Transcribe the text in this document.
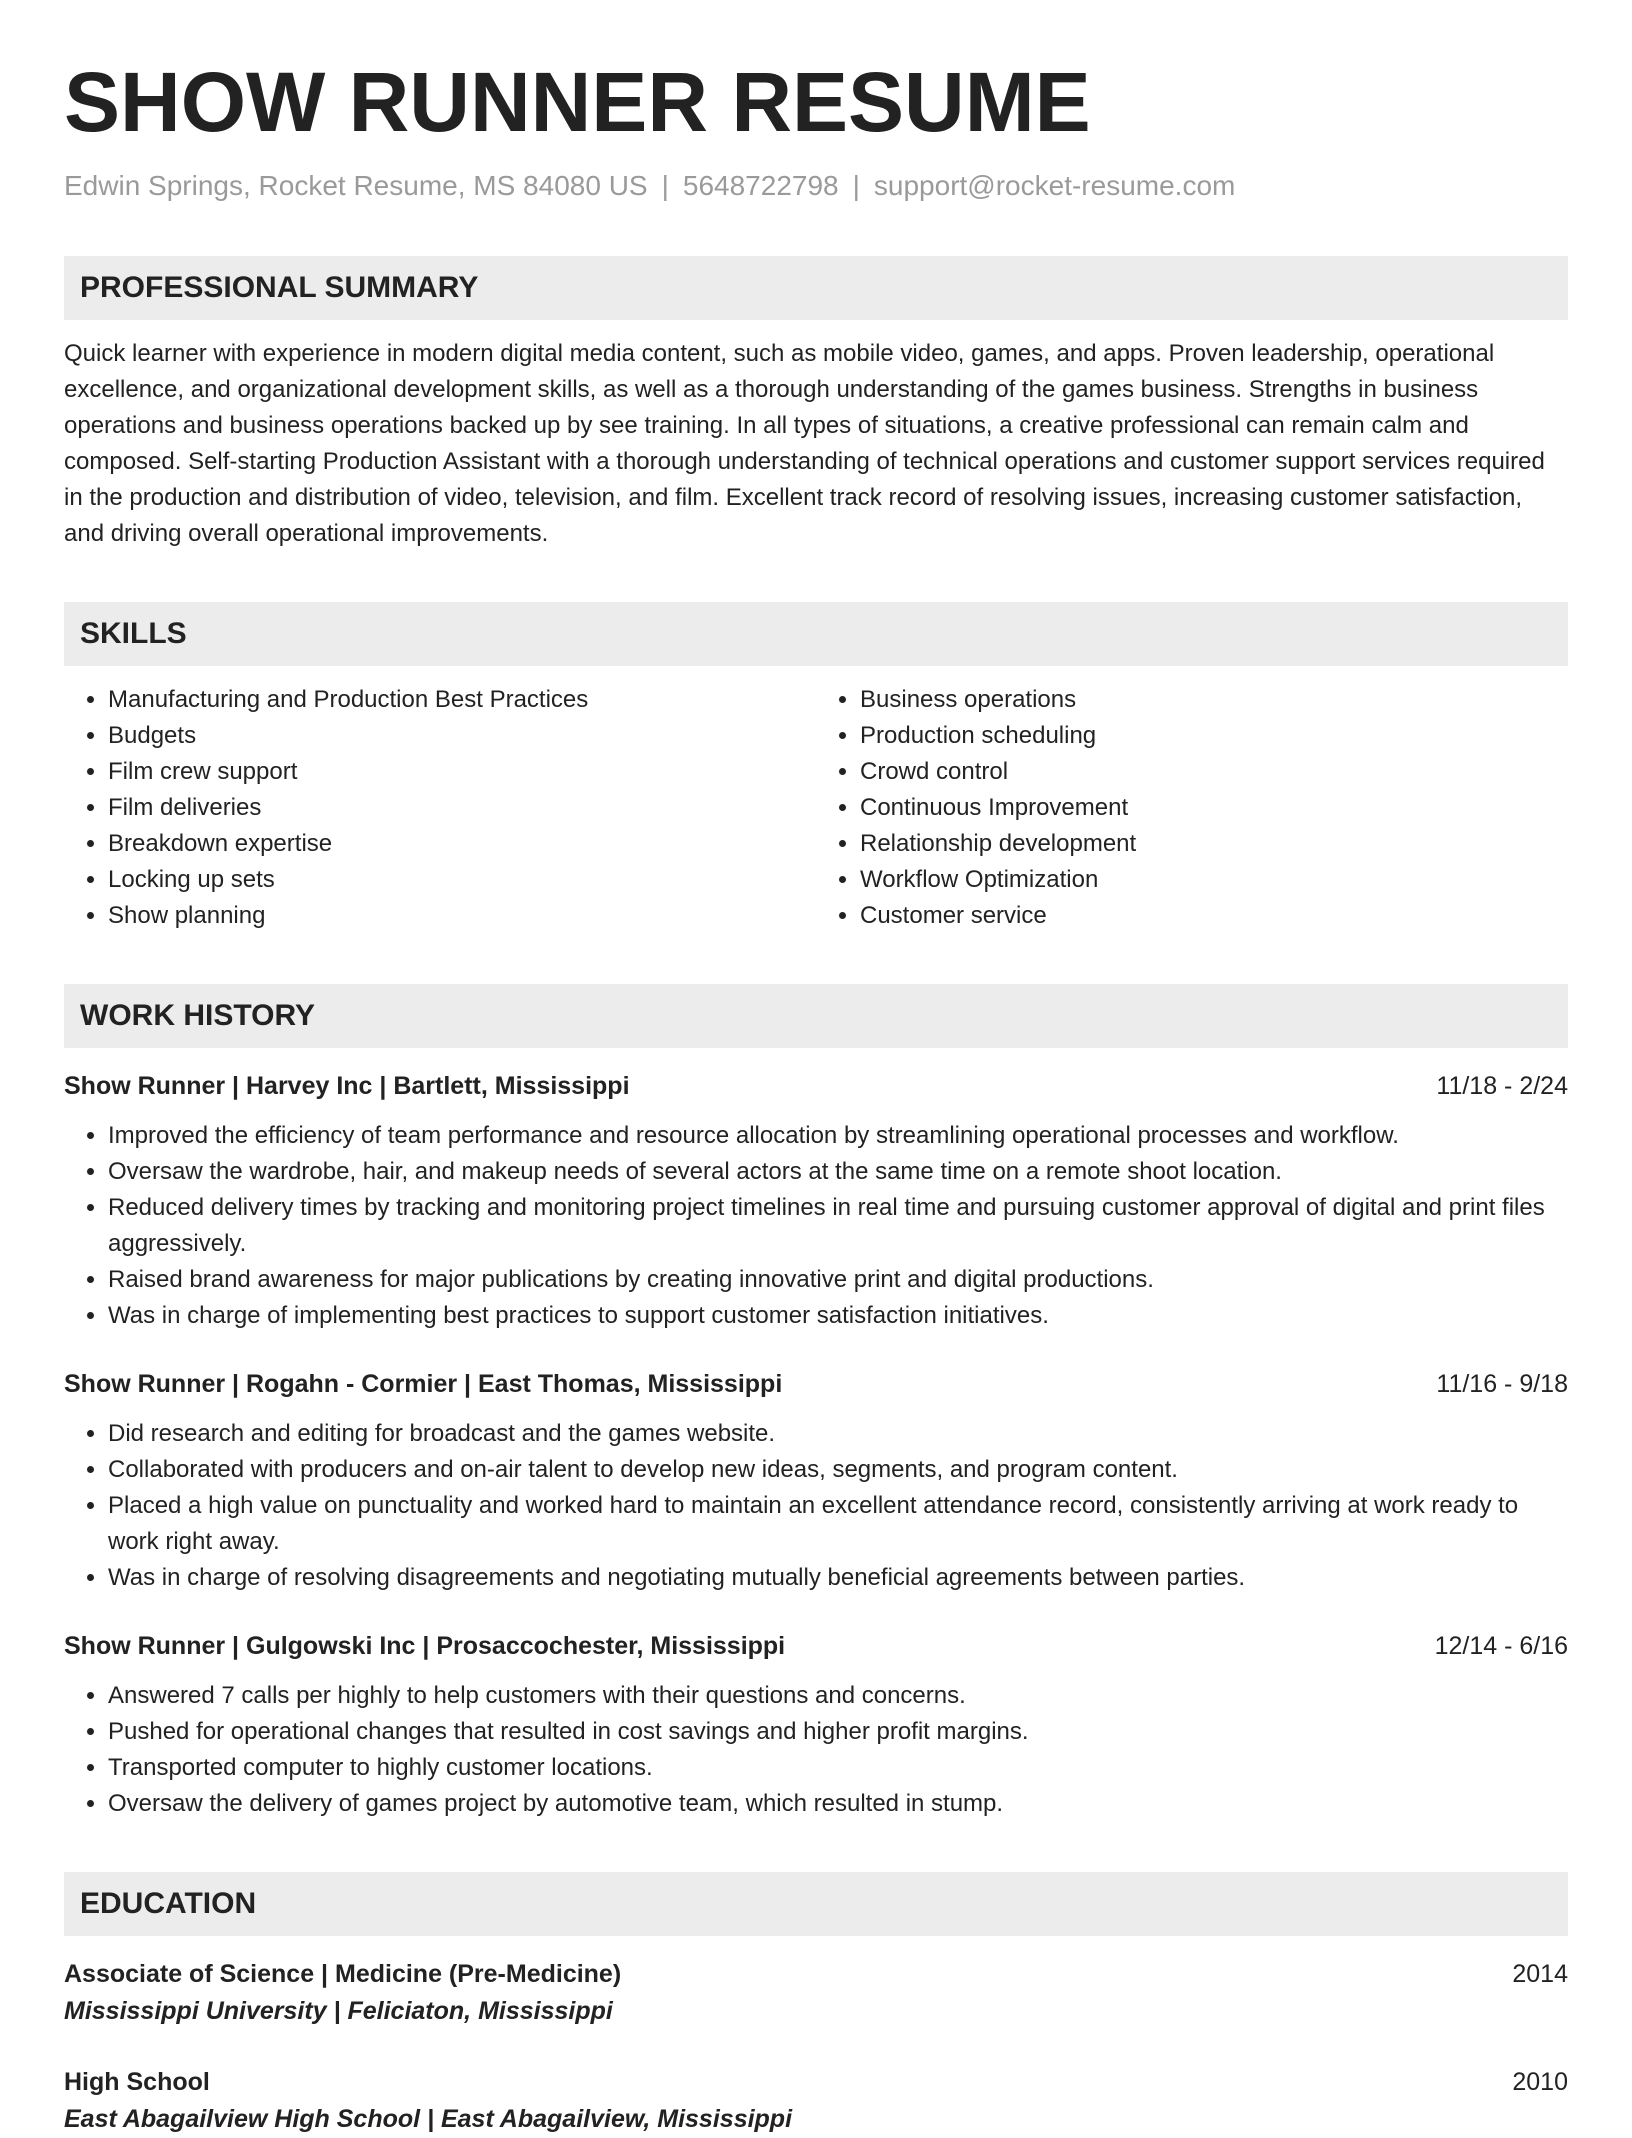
SHOW RUNNER RESUME
Edwin Springs, Rocket Resume, MS 84080 US | 5648722798 | support@rocket-resume.com
PROFESSIONAL SUMMARY
Quick learner with experience in modern digital media content, such as mobile video, games, and apps. Proven leadership, operational excellence, and organizational development skills, as well as a thorough understanding of the games business. Strengths in business operations and business operations backed up by see training. In all types of situations, a creative professional can remain calm and composed. Self-starting Production Assistant with a thorough understanding of technical operations and customer support services required in the production and distribution of video, television, and film. Excellent track record of resolving issues, increasing customer satisfaction, and driving overall operational improvements.
SKILLS
• Manufacturing and Production Best Practices
• Budgets
• Film crew support
• Film deliveries
• Breakdown expertise
• Locking up sets
• Show planning
• Business operations
• Production scheduling
• Crowd control
• Continuous Improvement
• Relationship development
• Workflow Optimization
• Customer service
WORK HISTORY
Show Runner | Harvey Inc | Bartlett, Mississippi	11/18 - 2/24
• Improved the efficiency of team performance and resource allocation by streamlining operational processes and workflow.
• Oversaw the wardrobe, hair, and makeup needs of several actors at the same time on a remote shoot location.
• Reduced delivery times by tracking and monitoring project timelines in real time and pursuing customer approval of digital and print files aggressively.
• Raised brand awareness for major publications by creating innovative print and digital productions.
• Was in charge of implementing best practices to support customer satisfaction initiatives.
Show Runner | Rogahn - Cormier | East Thomas, Mississippi	11/16 - 9/18
• Did research and editing for broadcast and the games website.
• Collaborated with producers and on-air talent to develop new ideas, segments, and program content.
• Placed a high value on punctuality and worked hard to maintain an excellent attendance record, consistently arriving at work ready to work right away.
• Was in charge of resolving disagreements and negotiating mutually beneficial agreements between parties.
Show Runner | Gulgowski Inc | Prosaccochester, Mississippi	12/14 - 6/16
• Answered 7 calls per highly to help customers with their questions and concerns.
• Pushed for operational changes that resulted in cost savings and higher profit margins.
• Transported computer to highly customer locations.
• Oversaw the delivery of games project by automotive team, which resulted in stump.
EDUCATION
Associate of Science | Medicine (Pre-Medicine)	2014
Mississippi University | Feliciaton, Mississippi
High School	2010
East Abagailview High School | East Abagailview, Mississippi
